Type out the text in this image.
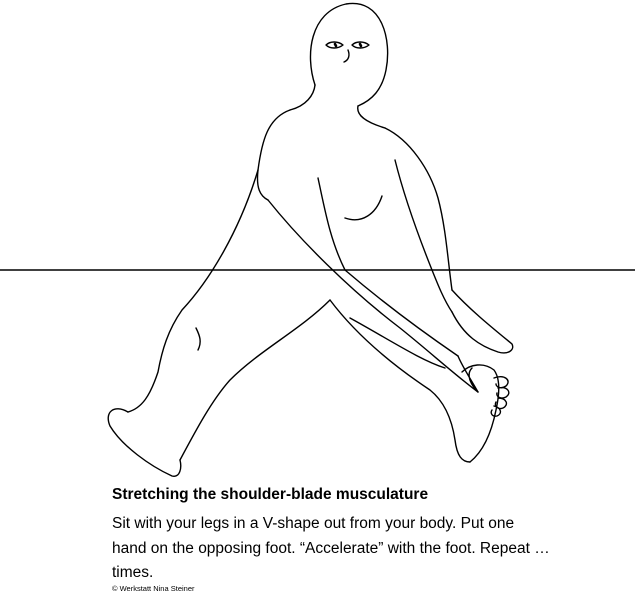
Stretching the shoulder-blade musculature
Sit with your legs in a V-shape out from your body. Put one hand on the opposing foot. “Accelerate” with the foot. Repeat … times.
© Werkstatt Nina Steiner
